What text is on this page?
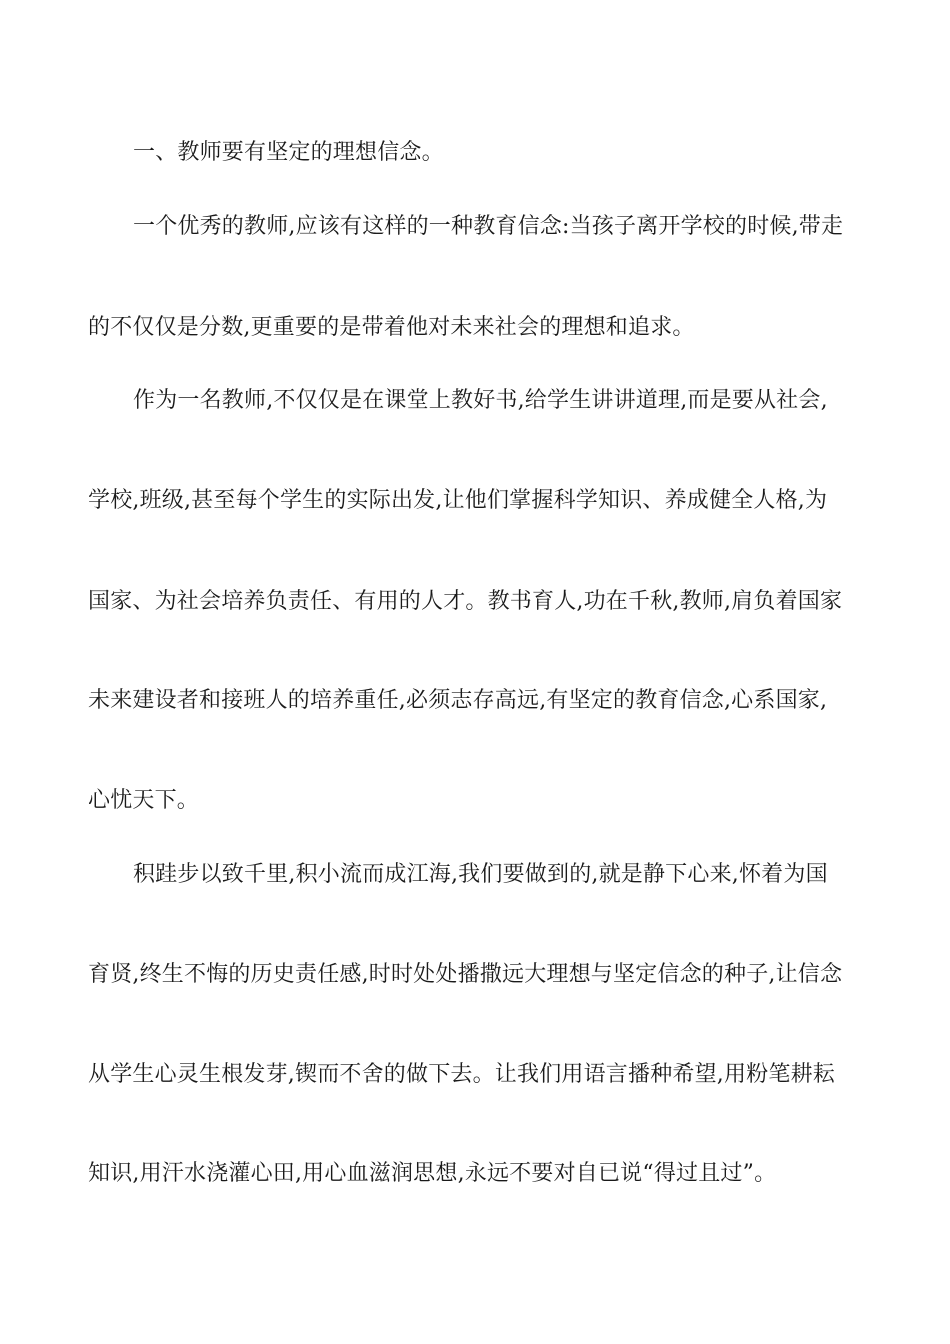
一、教师要有坚定的理想信念。
一个优秀的教师,应该有这样的一种教育信念:当孩子离开学校的时候,带走
的不仅仅是分数,更重要的是带着他对未来社会的理想和追求。
作为一名教师,不仅仅是在课堂上教好书,给学生讲讲道理,而是要从社会,
学校,班级,甚至每个学生的实际出发,让他们掌握科学知识、养成健全人格,为
国家、为社会培养负责任、有用的人才。教书育人,功在千秋,教师,肩负着国家
未来建设者和接班人的培养重任,必须志存高远,有坚定的教育信念,心系国家,
心忧天下。
积跬步以致千里,积小流而成江海,我们要做到的,就是静下心来,怀着为国
育贤,终生不悔的历史责任感,时时处处播撒远大理想与坚定信念的种子,让信念
从学生心灵生根发芽,锲而不舍的做下去。让我们用语言播种希望,用粉笔耕耘
知识,用汗水浇灌心田,用心血滋润思想,永远不要对自已说“得过且过”。
